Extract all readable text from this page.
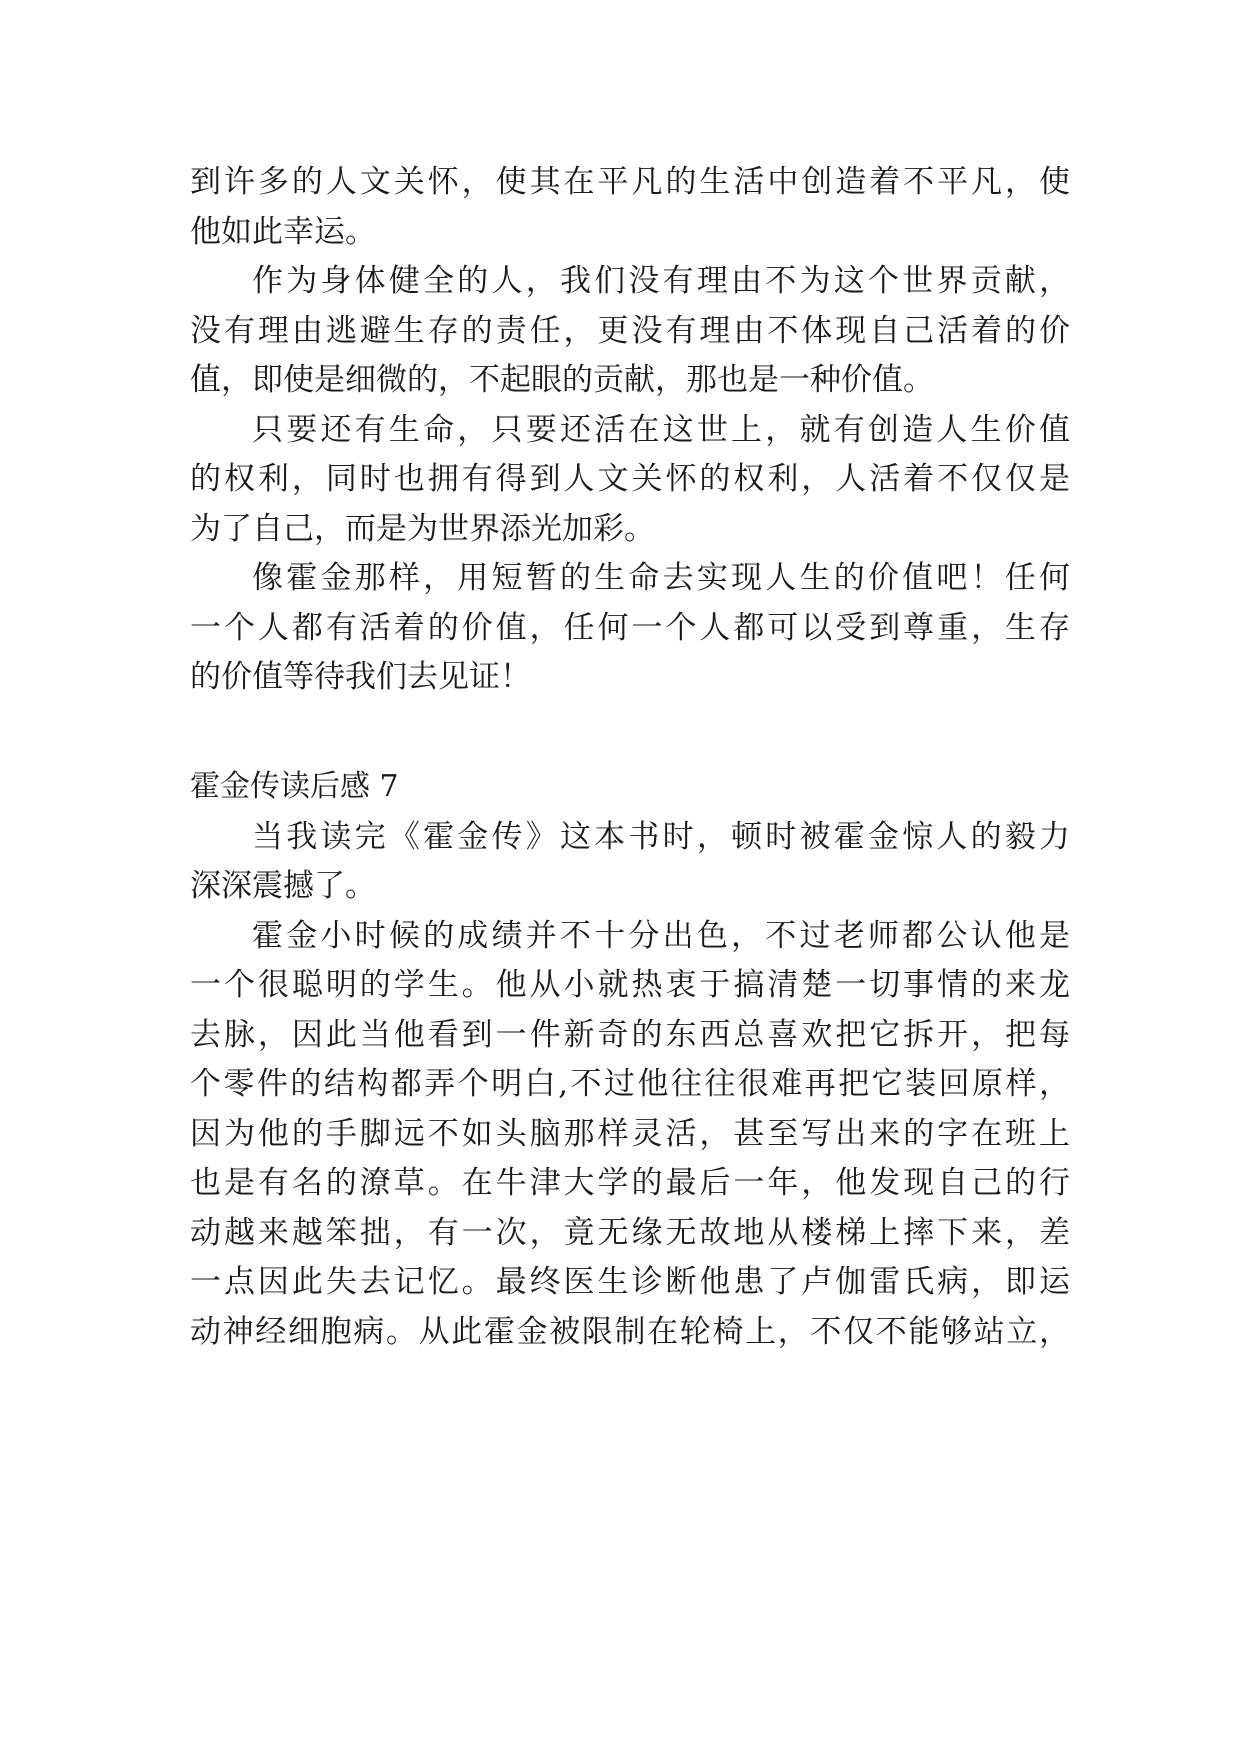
到许多的人文关怀，使其在平凡的生活中创造着不平凡，使
他如此幸运。
作为身体健全的人，我们没有理由不为这个世界贡献，
没有理由逃避生存的责任，更没有理由不体现自己活着的价
值，即使是细微的，不起眼的贡献，那也是一种价值。
只要还有生命，只要还活在这世上，就有创造人生价值
的权利，同时也拥有得到人文关怀的权利，人活着不仅仅是
为了自己，而是为世界添光加彩。
像霍金那样，用短暂的生命去实现人生的价值吧！任何
一个人都有活着的价值，任何一个人都可以受到尊重，生存
的价值等待我们去见证！
霍金传读后感 7
当我读完《霍金传》这本书时，顿时被霍金惊人的毅力
深深震撼了。
霍金小时候的成绩并不十分出色，不过老师都公认他是
一个很聪明的学生。他从小就热衷于搞清楚一切事情的来龙
去脉，因此当他看到一件新奇的东西总喜欢把它拆开，把每
个零件的结构都弄个明白,不过他往往很难再把它装回原样，
因为他的手脚远不如头脑那样灵活，甚至写出来的字在班上
也是有名的潦草。在牛津大学的最后一年，他发现自己的行
动越来越笨拙，有一次，竟无缘无故地从楼梯上摔下来，差
一点因此失去记忆。最终医生诊断他患了卢伽雷氏病，即运
动神经细胞病。从此霍金被限制在轮椅上，不仅不能够站立，
